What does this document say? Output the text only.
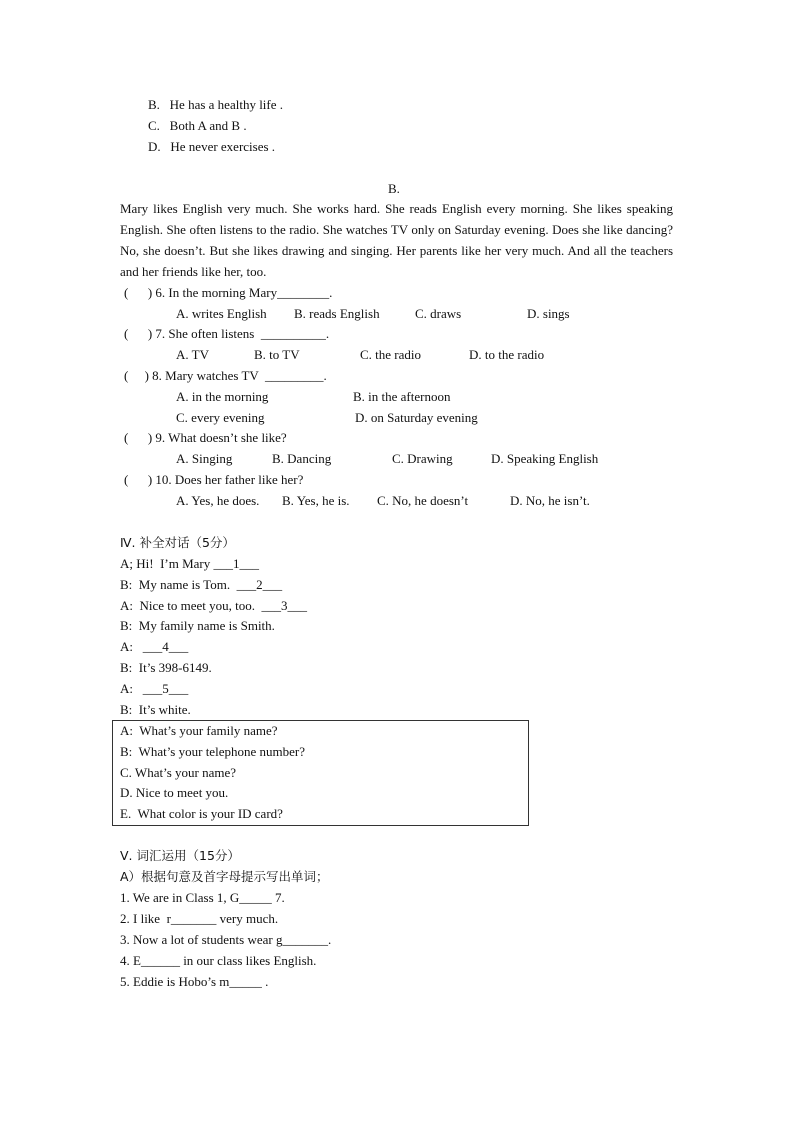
B.   He has a healthy life .
C.   Both A and B .
D.   He never exercises .
B.
Mary likes English very much. She works hard. She reads English every morning. She likes speaking English. She often listens to the radio. She watches TV only on Saturday evening. Does she like dancing? No, she doesn’t. But she likes drawing and singing. Her parents like her very much. And all the teachers and her friends like her, too.
(      ) 6. In the morning Mary________.
A. writes English B. reads English	C. draws	D. sings
(      ) 7. She often listens  __________.
A. TV	B. to TV	C. the radio	D. to the radio
(     ) 8. Mary watches TV  _________.
A. in the morning	B. in the afternoon
C. every evening	D. on Saturday evening
(      ) 9. What doesn’t she like?
A. Singing	B. Dancing	C. Drawing	D. Speaking English
(      ) 10. Does her father like her?
A. Yes, he does. B. Yes, he is. C. No, he doesn’t	D. No, he isn’t.
Ⅳ. 补全对话（5分）
A; Hi!  I’m Mary ___1___
B:  My name is Tom.  ___2___
A:  Nice to meet you, too.  ___3___
B:  My family name is Smith.
A:   ___4___
B:  It’s 398-6149.
A:   ___5___
B:  It’s white.
A:  What’s your family name?
B:  What’s your telephone number?
C. What’s your name?
D. Nice to meet you.
E.  What color is your ID card?
Ⅴ. 词汇运用（15分）
A）根据句意及首字母提示写出单词；
1. We are in Class 1, G_____ 7.
2. I like  r_______ very much.
3. Now a lot of students wear g_______.
4. E______ in our class likes English.
5. Eddie is Hobo’s m_____ .
